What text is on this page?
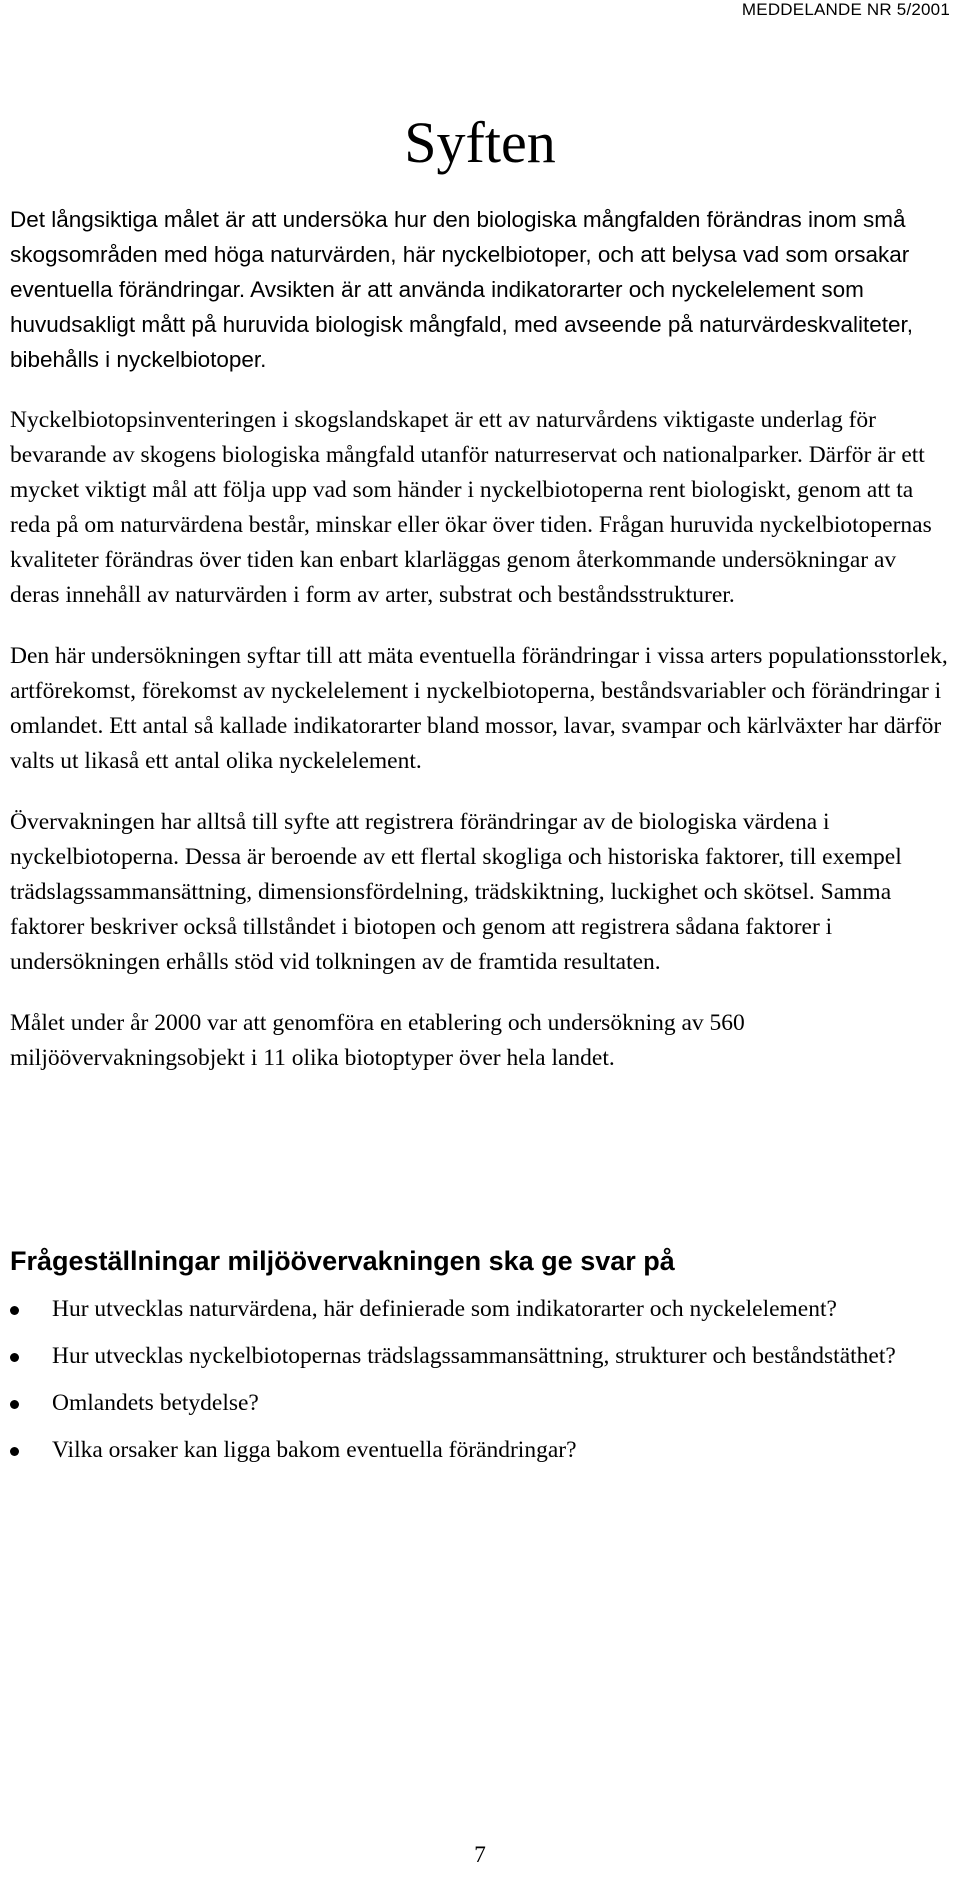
MEDDELANDE NR 5/2001
Syften

Det långsiktiga målet är att undersöka hur den biologiska mångfalden förändras inom små skogsområden med höga naturvärden, här nyckelbiotoper, och att belysa vad som orsakar eventuella förändringar. Avsikten är att använda indikatorarter och nyckelelement som huvudsakligt mått på huruvida biologisk mångfald, med avseende på naturvärdeskvaliteter, bibehålls i nyckelbiotoper.

Nyckelbiotopsinventeringen i skogslandskapet är ett av naturvårdens viktigaste underlag för bevarande av skogens biologiska mångfald utanför naturreservat och nationalparker. Därför är ett mycket viktigt mål att följa upp vad som händer i nyckelbiotoperna rent biologiskt, genom att ta reda på om naturvärdena består, minskar eller ökar över tiden. Frågan huruvida nyckelbiotopernas kvaliteter förändras över tiden kan enbart klarläggas genom återkommande undersökningar av deras innehåll av naturvärden i form av arter, substrat och beståndsstrukturer.

Den här undersökningen syftar till att mäta eventuella förändringar i vissa arters populationsstorlek, artförekomst, förekomst av nyckelelement i nyckelbiotoperna, beståndsvariabler och förändringar i omlandet. Ett antal så kallade indikatorarter bland mossor, lavar, svampar och kärlväxter har därför valts ut likaså ett antal olika nyckelelement.

Övervakningen har alltså till syfte att registrera förändringar av de biologiska värdena i nyckelbiotoperna. Dessa är beroende av ett flertal skogliga och historiska faktorer, till exempel trädslagssammansättning, dimensionsfördelning, trädskiktning, luckighet och skötsel. Samma faktorer beskriver också tillståndet i biotopen och genom att registrera sådana faktorer i undersökningen erhålls stöd vid tolkningen av de framtida resultaten.

Målet under år 2000 var att genomföra en etablering och undersökning av 560 miljöövervakningsobjekt i 11 olika biotoptyper över hela landet.

Frågeställningar miljöövervakningen ska ge svar på
Hur utvecklas naturvärdena, här definierade som indikatorarter och nyckelelement?
Hur utvecklas nyckelbiotopernas trädslagssammansättning, strukturer och beståndstäthet?
Omlandets betydelse?
Vilka orsaker kan ligga bakom eventuella förändringar?
7
